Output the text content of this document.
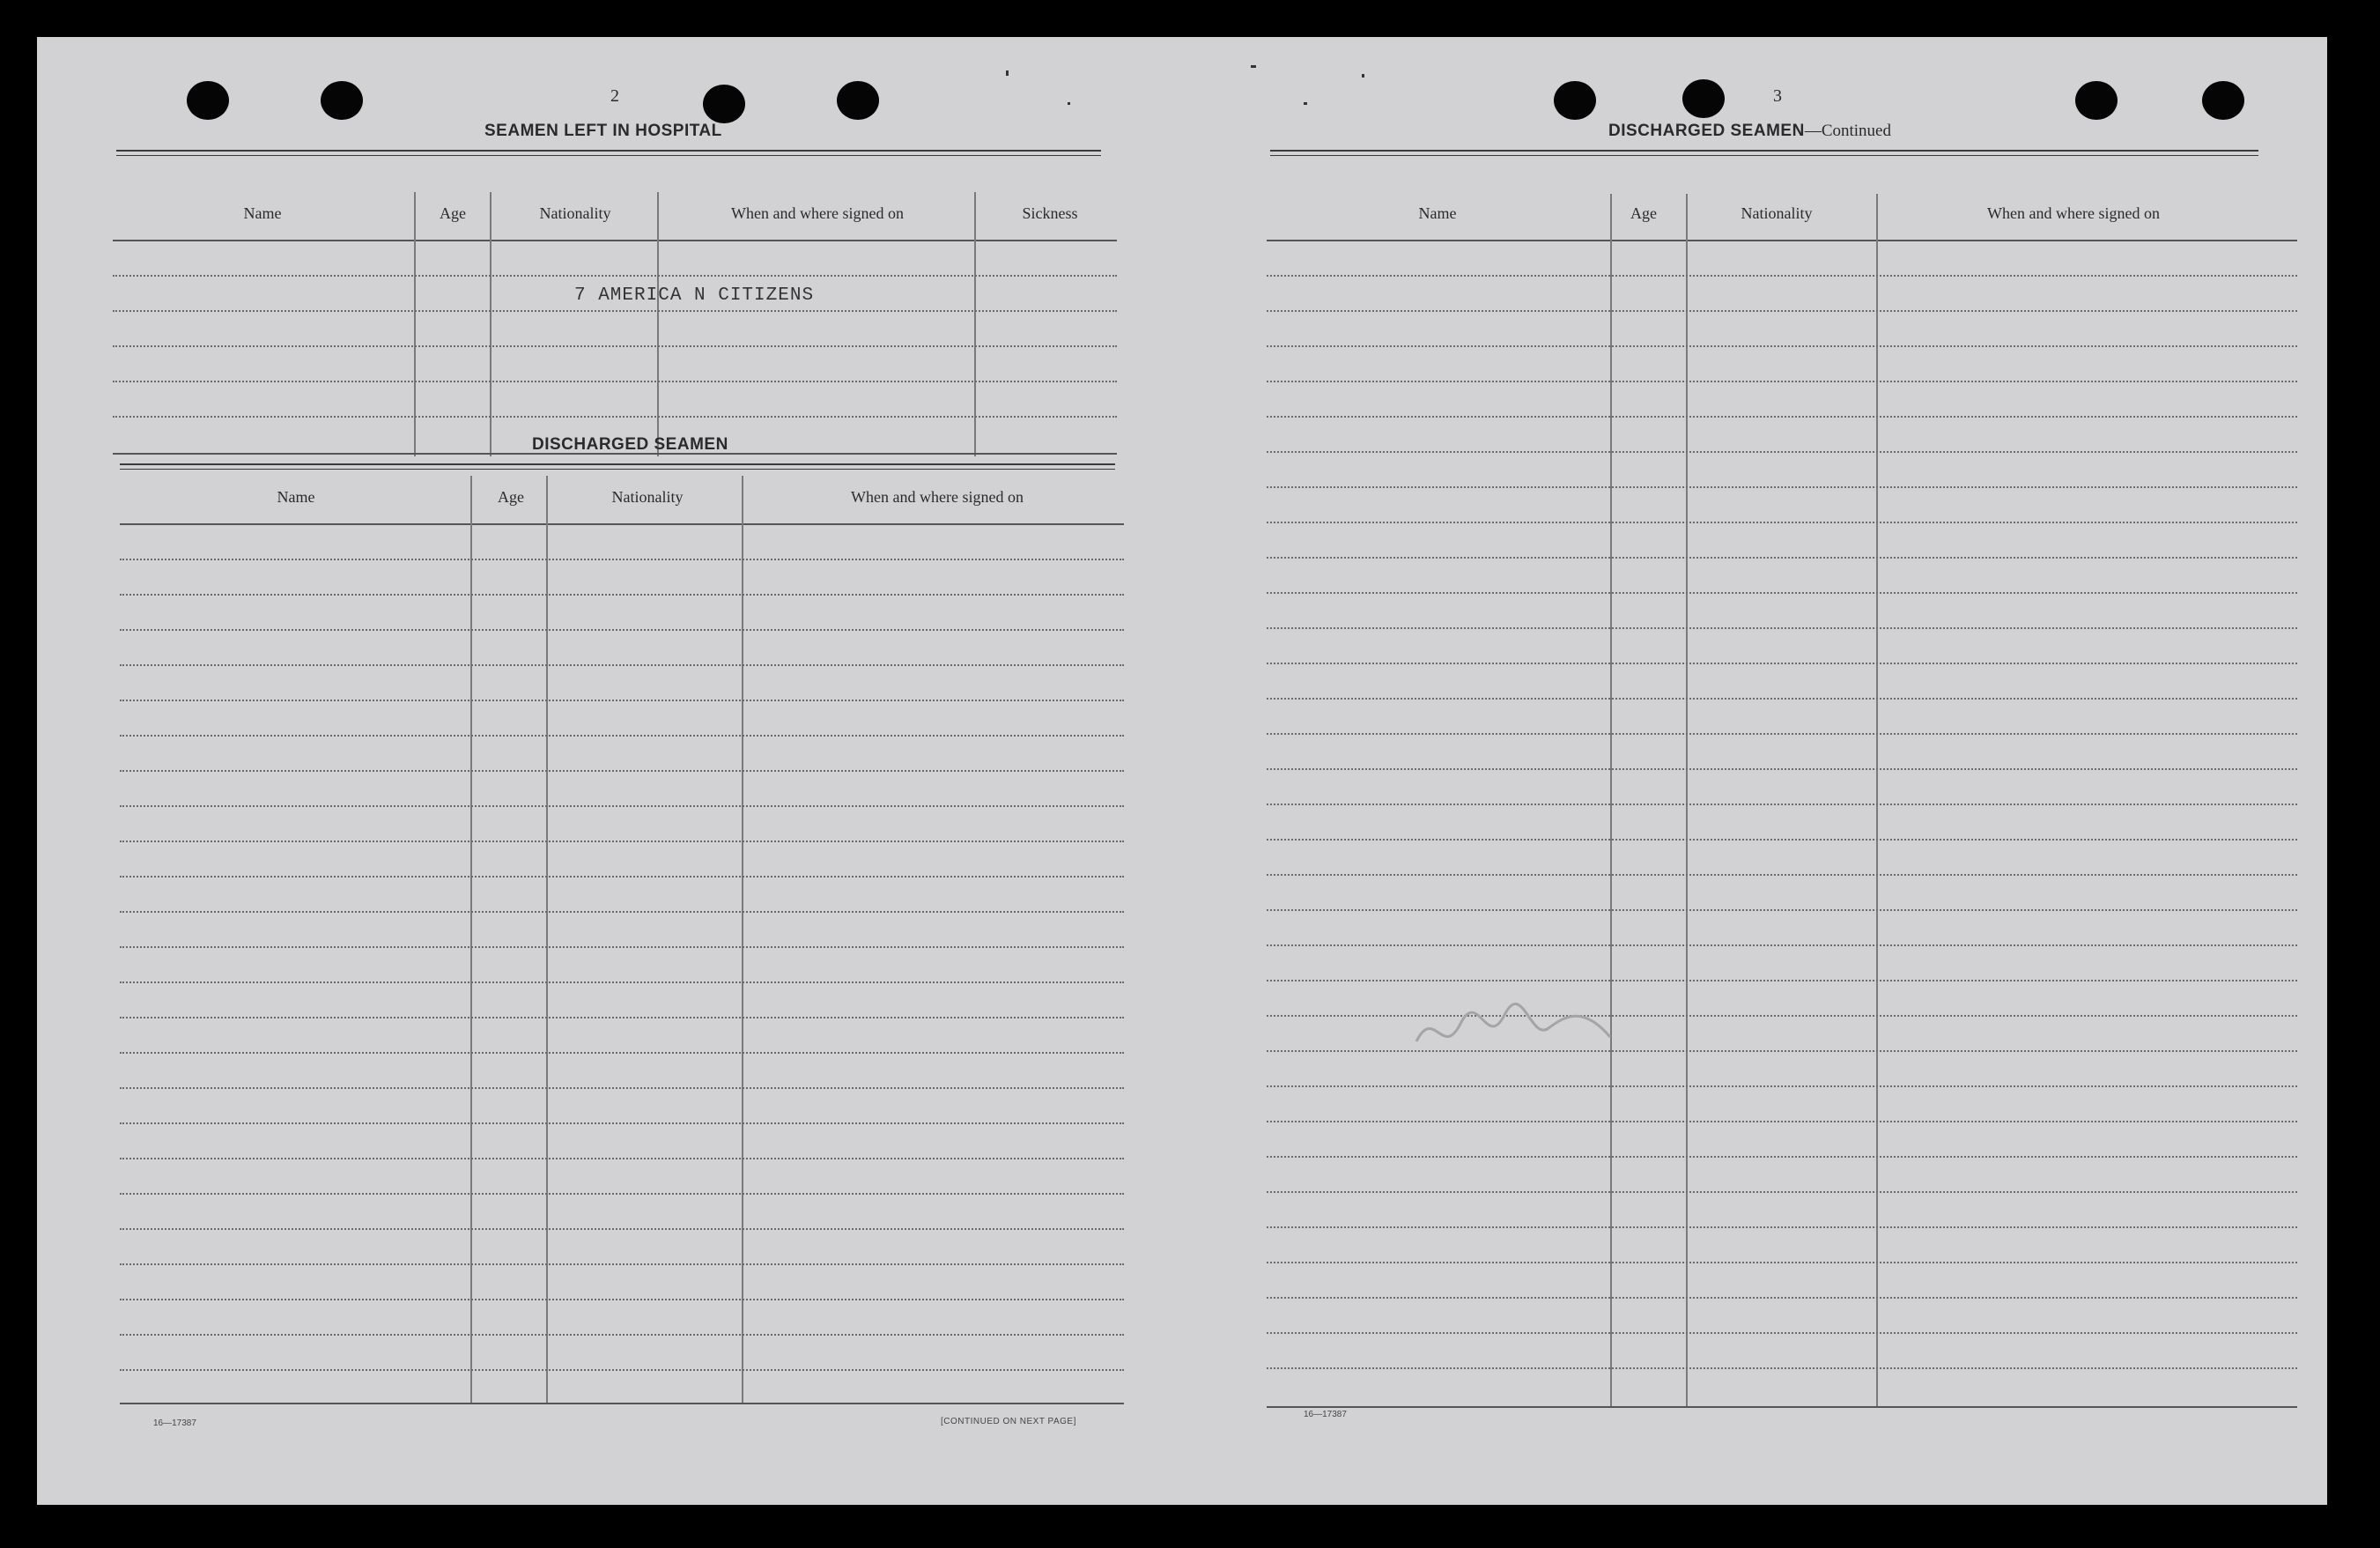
2
SEAMEN LEFT IN HOSPITAL
Name	Age	Nationality	When and where signed on	Sickness
7 AMERICA N CITIZENS
DISCHARGED SEAMEN
Name	Age	Nationality	When and where signed on
16—17387	[CONTINUED ON NEXT PAGE]
3
DISCHARGED SEAMEN—Continued
Name	Age	Nationality	When and where signed on
16—17387
